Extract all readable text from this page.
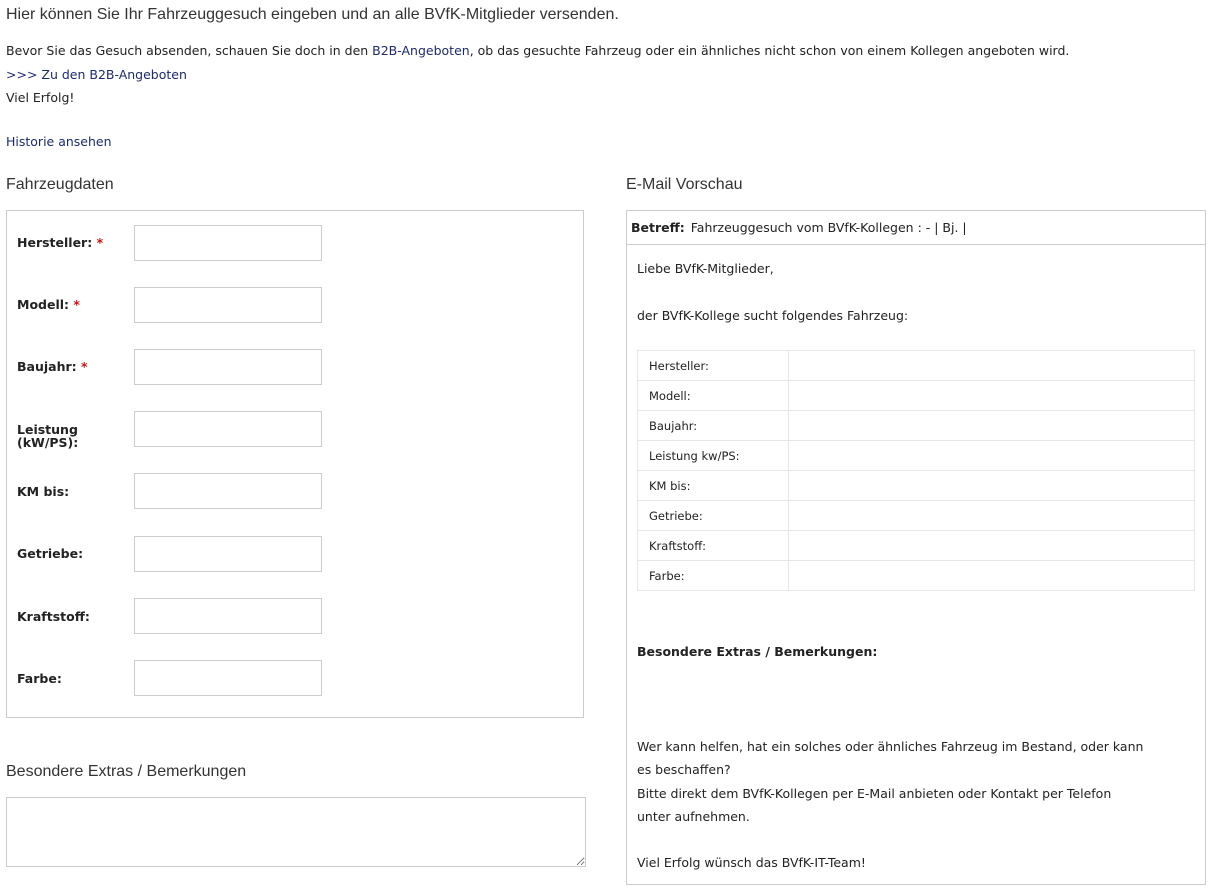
Hier können Sie Ihr Fahrzeuggesuch eingeben und an alle BVfK-Mitglieder versenden.
Bevor Sie das Gesuch absenden, schauen Sie doch in den B2B-Angeboten, ob das gesuchte Fahrzeug oder ein ähnliches nicht schon von einem Kollegen angeboten wird.
>>> Zu den B2B-Angeboten
Viel Erfolg!
Historie ansehen
Fahrzeugdaten
Hersteller: *
Modell: *
Baujahr: *
Leistung (kW/PS):
KM bis:
Getriebe:
Kraftstoff:
Farbe:
Besondere Extras / Bemerkungen
E-Mail Vorschau
Betreff: Fahrzeuggesuch vom BVfK-Kollegen : - | Bj. |
Liebe BVfK-Mitglieder,
der BVfK-Kollege sucht folgendes Fahrzeug:
Hersteller:	
Modell:	
Baujahr:	
Leistung kw/PS:	
KM bis:	
Getriebe:	
Kraftstoff:	
Farbe:	
Besondere Extras / Bemerkungen:
Wer kann helfen, hat ein solches oder ähnliches Fahrzeug im Bestand, oder kann es beschaffen?
Bitte direkt dem BVfK-Kollegen per E-Mail anbieten oder Kontakt per Telefon unter aufnehmen.
Viel Erfolg wünsch das BVfK-IT-Team!
